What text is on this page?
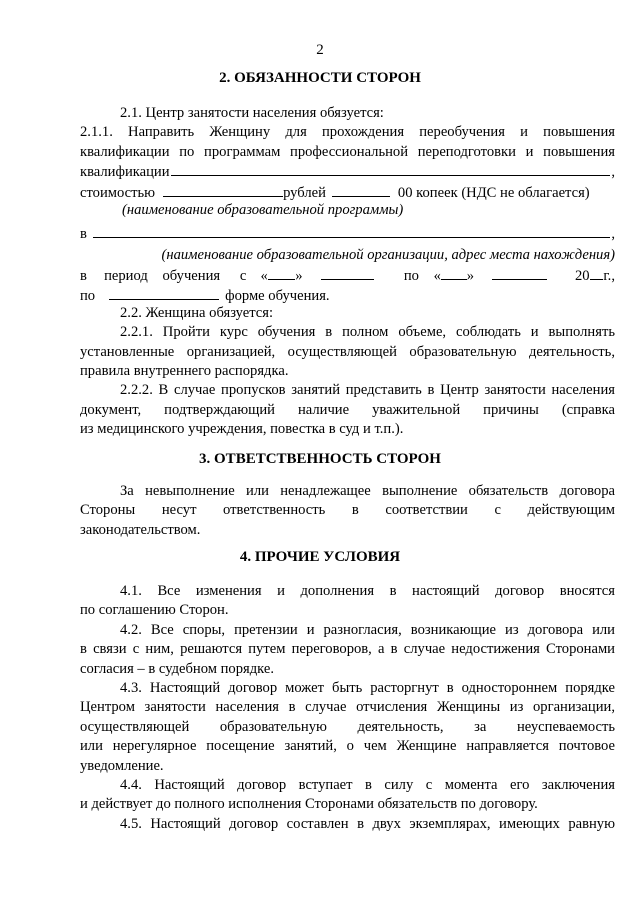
2
2. ОБЯЗАННОСТИ СТОРОН
2.1. Центр занятости населения обязуется:
2.1.1. Направить Женщину для прохождения переобучения и повышения
квалификации по программам профессиональной переподготовки и повышения
квалификации	,
стоимостью	рублей	00 копеек (НДС не облагается)
(наименование образовательной программы)
в	,
(наименование образовательной организации, адрес места нахождения)
в	период	обучения	с « »	по	« »	20 г.,
по	форме обучения.
2.2. Женщина обязуется:
2.2.1. Пройти курс обучения в полном объеме, соблюдать и выполнять
установленные организацией, осуществляющей образовательную деятельность,
правила внутреннего распорядка.
2.2.2. В случае пропусков занятий представить в Центр занятости населения
документ, подтверждающий наличие уважительной причины (справка
из медицинского учреждения, повестка в суд и т.п.).
3. ОТВЕТСТВЕННОСТЬ СТОРОН
За невыполнение или ненадлежащее выполнение обязательств договора
Стороны несут ответственность в соответствии с действующим
законодательством.
4. ПРОЧИЕ УСЛОВИЯ
4.1. Все изменения и дополнения в настоящий договор вносятся
по соглашению Сторон.
4.2. Все споры, претензии и разногласия, возникающие из договора или
в связи с ним, решаются путем переговоров, а в случае недостижения Сторонами
согласия – в судебном порядке.
4.3. Настоящий договор может быть расторгнут в одностороннем порядке
Центром занятости населения в случае отчисления Женщины из организации,
осуществляющей образовательную деятельность, за неуспеваемость
или нерегулярное посещение занятий, о чем Женщине направляется почтовое
уведомление.
4.4. Настоящий договор вступает в силу с момента его заключения
и действует до полного исполнения Сторонами обязательств по договору.
4.5. Настоящий договор составлен в двух экземплярах, имеющих равную
